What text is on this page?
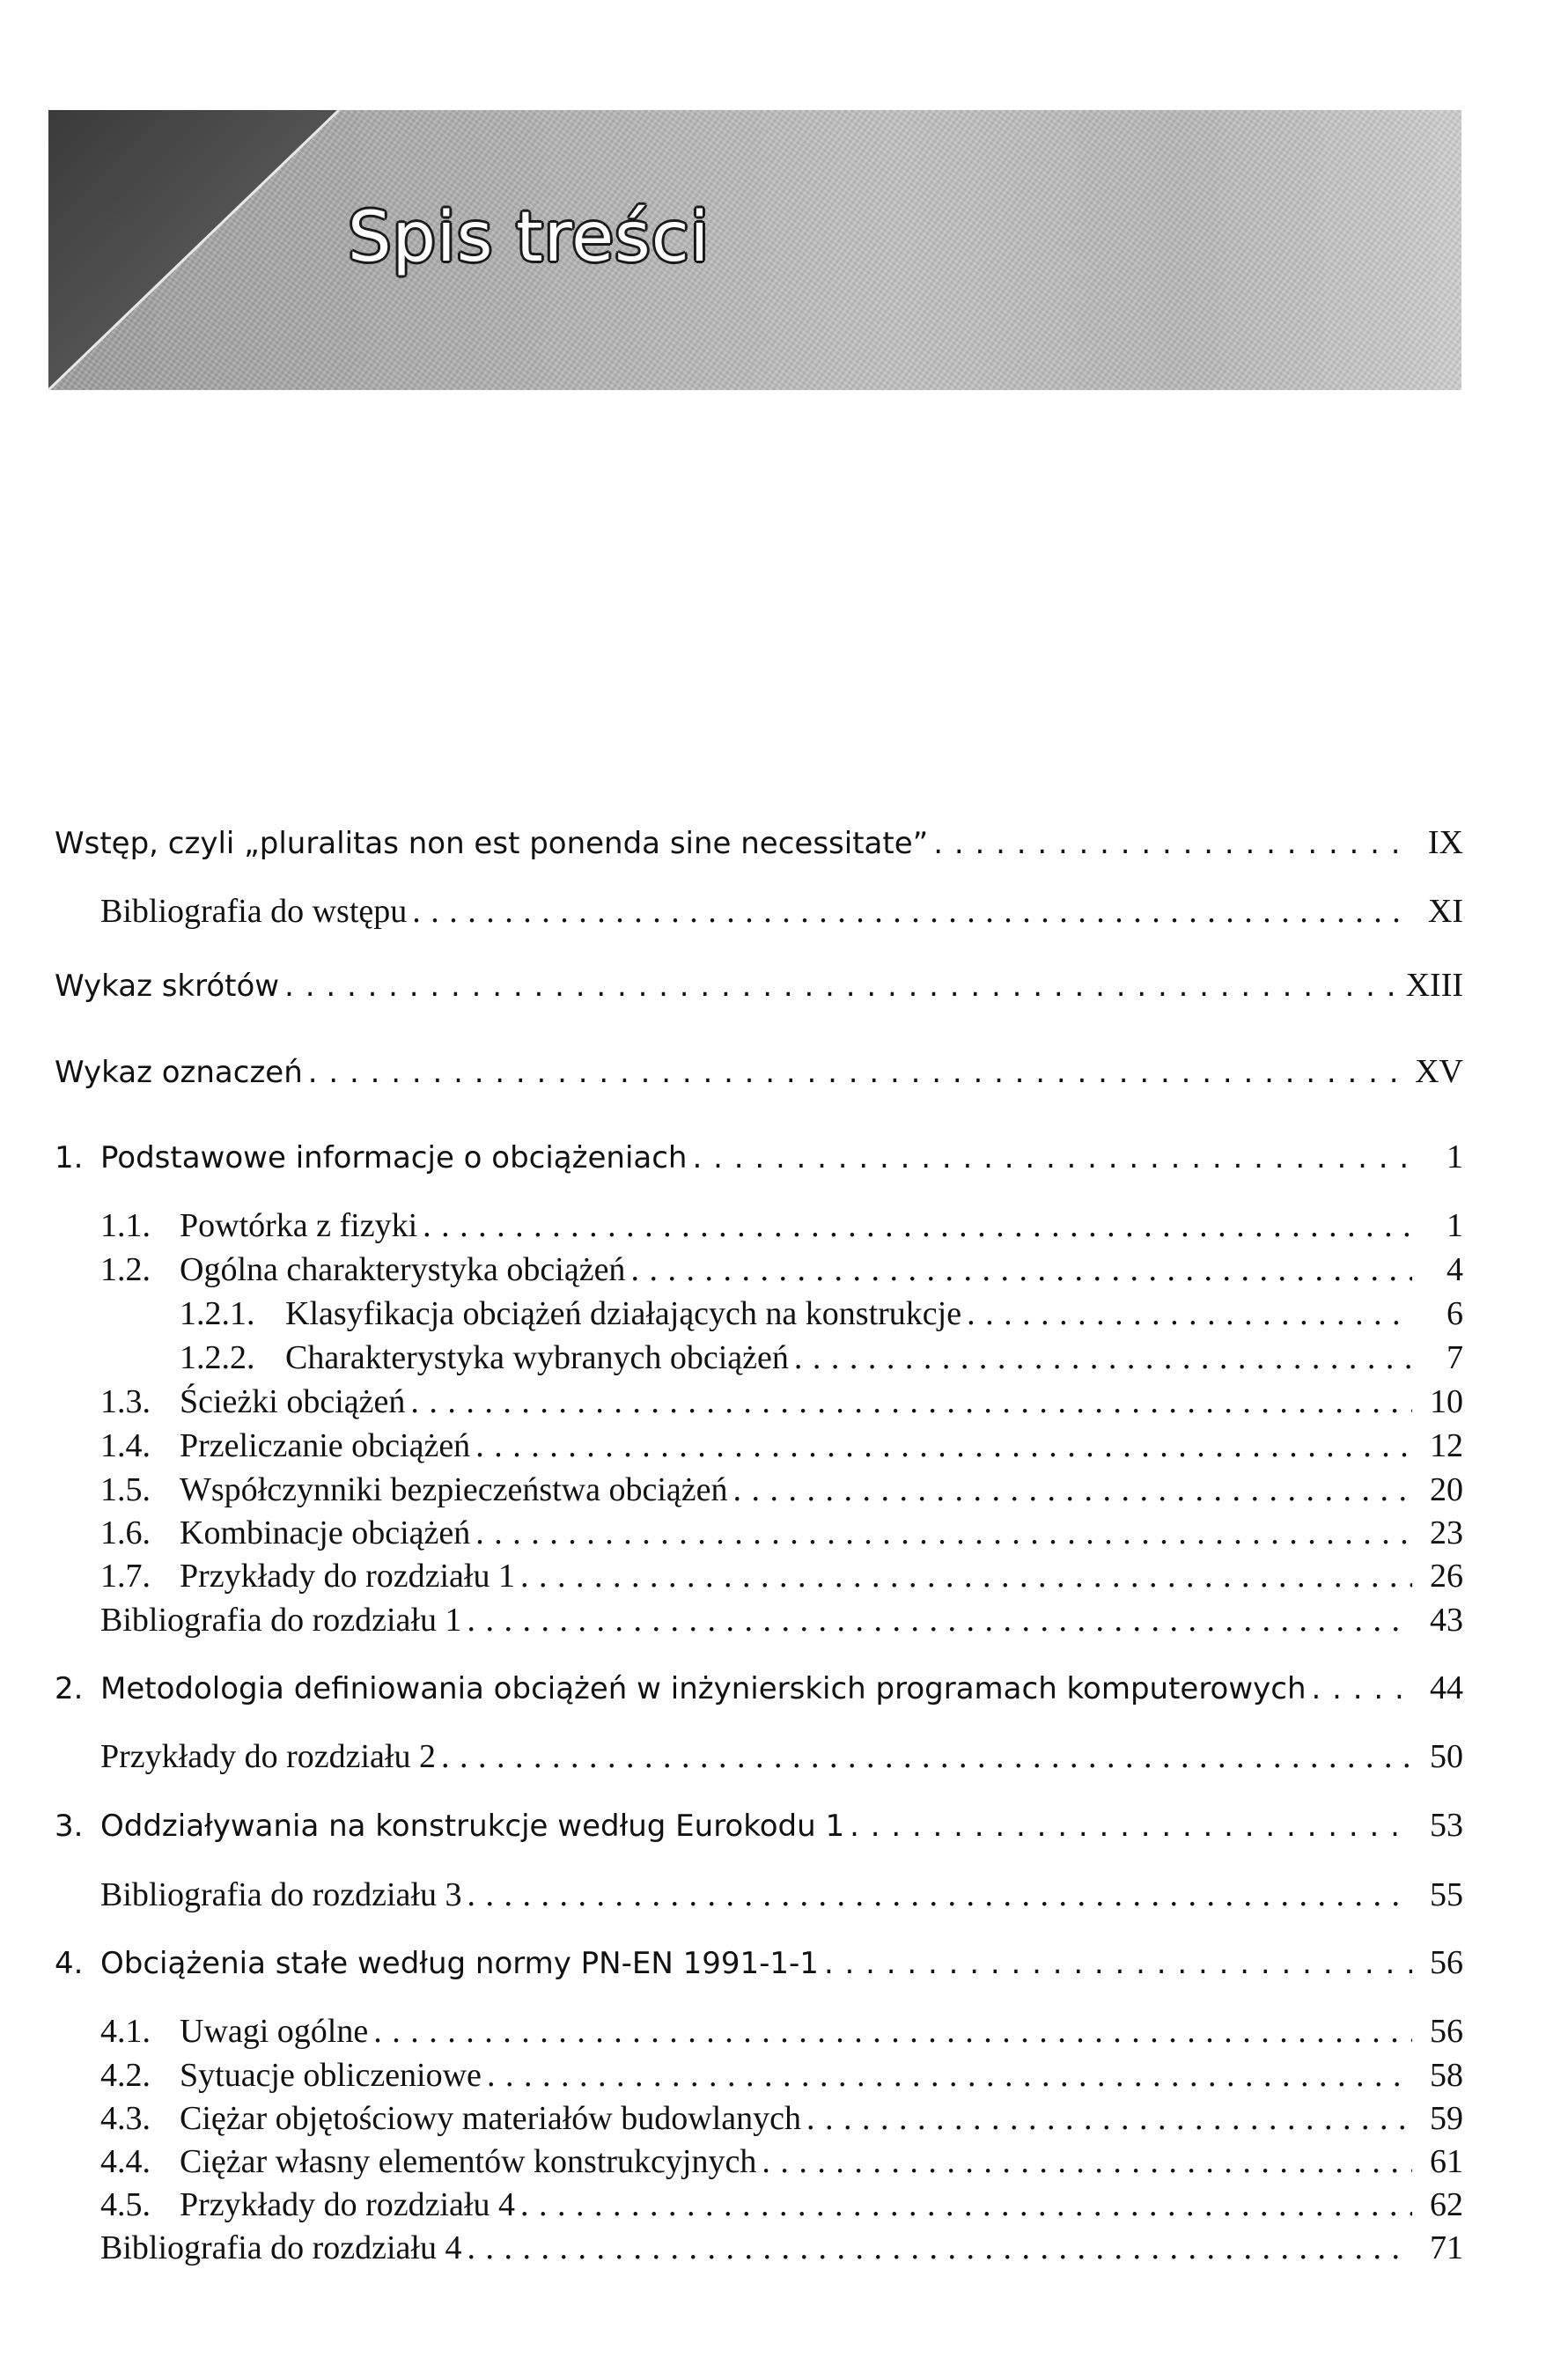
Spis treści
Wstęp, czyli „pluralitas non est ponenda sine necessitate” . . .	IX
Bibliografia do wstępu . . .	XI
Wykaz skrótów . . .	XIII
Wykaz oznaczeń . . .	XV
1. Podstawowe informacje o obciążeniach . . .	1
1.1. Powtórka z fizyki . . .	1
1.2. Ogólna charakterystyka obciążeń . . .	4
1.2.1. Klasyfikacja obciążeń działających na konstrukcje . . .	6
1.2.2. Charakterystyka wybranych obciążeń . . .	7
1.3. Ścieżki obciążeń . . .	10
1.4. Przeliczanie obciążeń . . .	12
1.5. Współczynniki bezpieczeństwa obciążeń . . .	20
1.6. Kombinacje obciążeń . . .	23
1.7. Przykłady do rozdziału 1 . . .	26
Bibliografia do rozdziału 1 . . .	43
2. Metodologia definiowania obciążeń w inżynierskich programach komputerowych . . .	44
Przykłady do rozdziału 2 . . .	50
3. Oddziaływania na konstrukcje według Eurokodu 1 . . .	53
Bibliografia do rozdziału 3 . . .	55
4. Obciążenia stałe według normy PN-EN 1991-1-1 . . .	56
4.1. Uwagi ogólne . . .	56
4.2. Sytuacje obliczeniowe . . .	58
4.3. Ciężar objętościowy materiałów budowlanych . . .	59
4.4. Ciężar własny elementów konstrukcyjnych . . .	61
4.5. Przykłady do rozdziału 4 . . .	62
Bibliografia do rozdziału 4 . . .	71
